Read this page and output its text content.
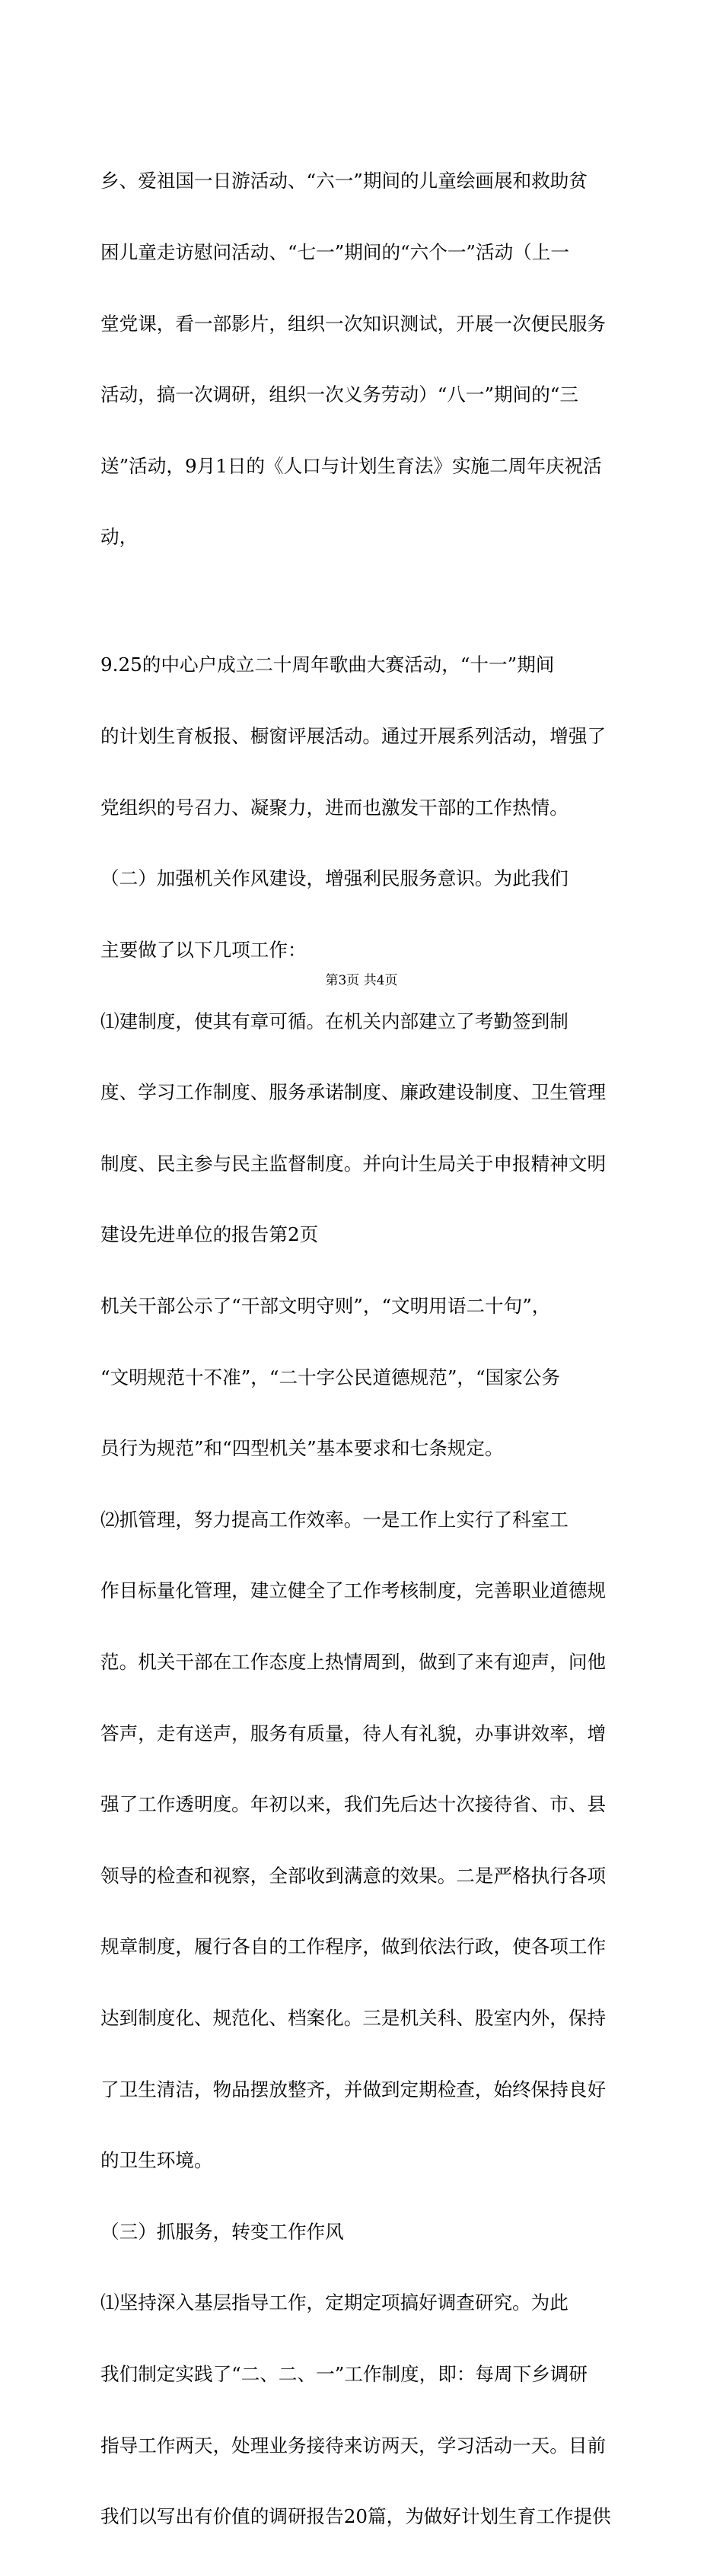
乡、爱祖国一日游活动、“六一”期间的儿童绘画展和救助贫

困儿童走访慰问活动、“七一”期间的“六个一”活动（上一

堂党课，看一部影片，组织一次知识测试，开展一次便民服务

活动，搞一次调研，组织一次义务劳动）“八一”期间的“三

送”活动，9月1日的《人口与计划生育法》实施二周年庆祝活

动，

9.25的中心户成立二十周年歌曲大赛活动，“十一”期间

的计划生育板报、橱窗评展活动。通过开展系列活动，增强了

党组织的号召力、凝聚力，进而也激发干部的工作热情。

（二）加强机关作风建设，增强利民服务意识。为此我们

主要做了以下几项工作：

⑴建制度，使其有章可循。在机关内部建立了考勤签到制

度、学习工作制度、服务承诺制度、廉政建设制度、卫生管理

制度、民主参与民主监督制度。并向计生局关于申报精神文明

建设先进单位的报告第2页

机关干部公示了“干部文明守则”，“文明用语二十句”，

“文明规范十不准”，“二十字公民道德规范”，“国家公务

员行为规范”和“四型机关”基本要求和七条规定。

⑵抓管理，努力提高工作效率。一是工作上实行了科室工

作目标量化管理，建立健全了工作考核制度，完善职业道德规

范。机关干部在工作态度上热情周到，做到了来有迎声，问他

答声，走有送声，服务有质量，待人有礼貌，办事讲效率，增

强了工作透明度。年初以来，我们先后达十次接待省、市、县

领导的检查和视察，全部收到满意的效果。二是严格执行各项

规章制度，履行各自的工作程序，做到依法行政，使各项工作

达到制度化、规范化、档案化。三是机关科、股室内外，保持

了卫生清洁，物品摆放整齐，并做到定期检查，始终保持良好

的卫生环境。

（三）抓服务，转变工作作风

⑴坚持深入基层指导工作，定期定项搞好调查研究。为此

我们制定实践了“二、二、一”工作制度，即：每周下乡调研

指导工作两天，处理业务接待来访两天，学习活动一天。目前

我们以写出有价值的调研报告20篇，为做好计划生育工作提供

第3页 共4页
